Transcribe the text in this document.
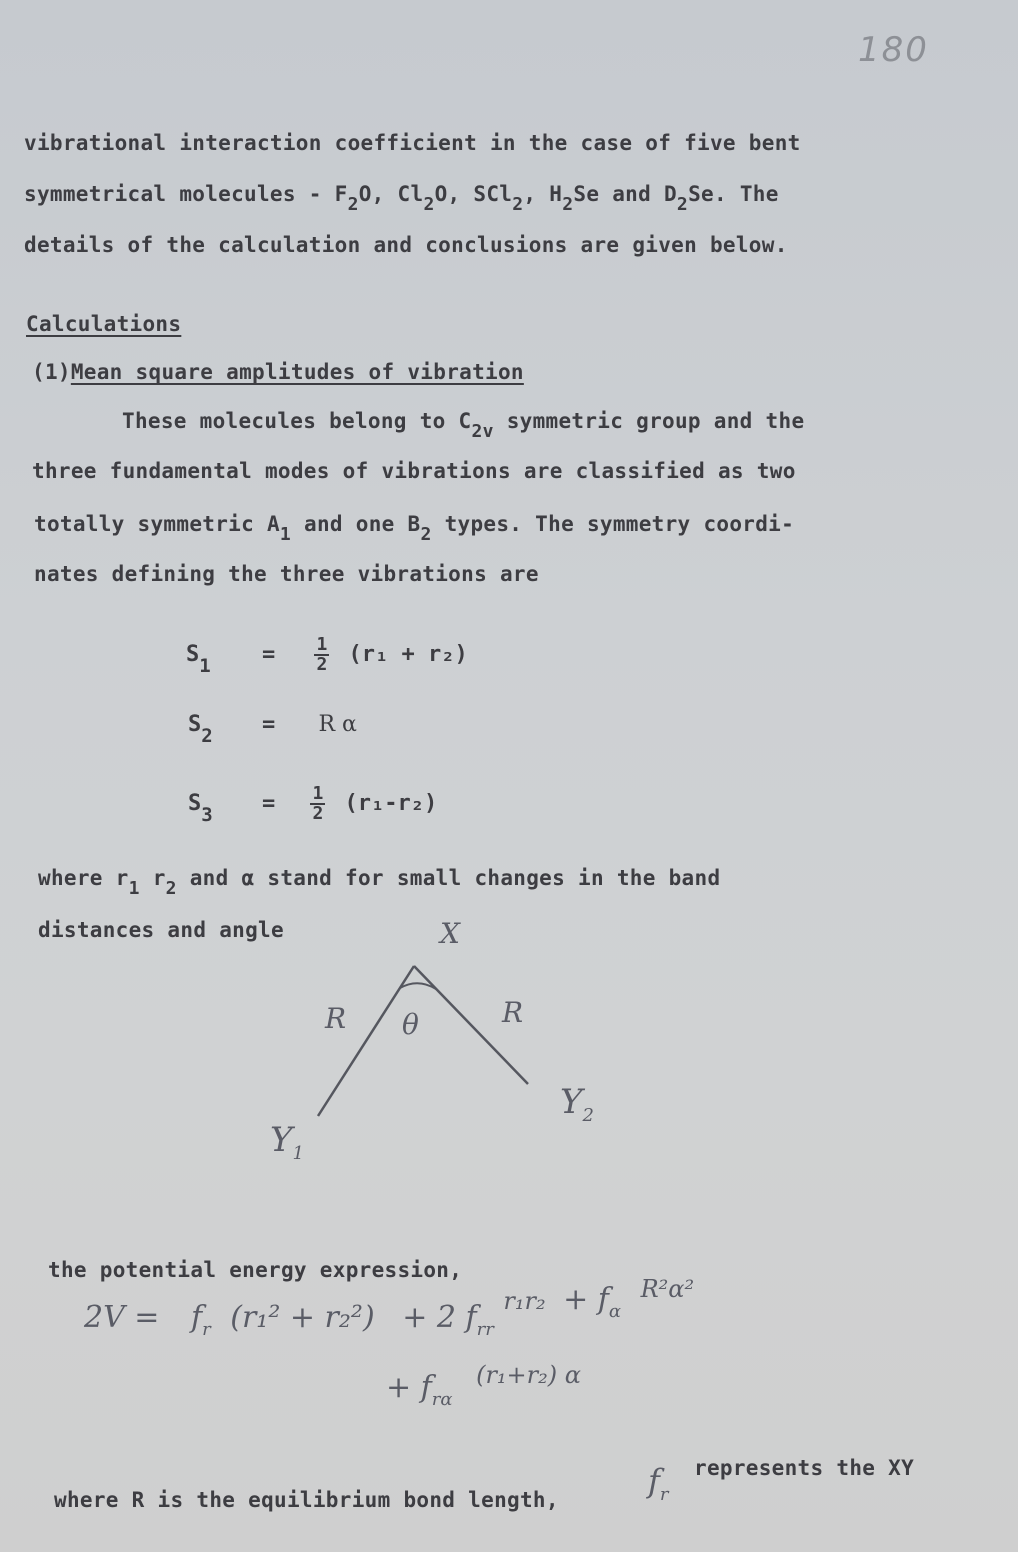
180
vibrational interaction coefficient in the case of five bent
symmetrical molecules - $F_2O$, $Cl_2O$, SCl$_2$, $H_2Se$ and $D_2Se$. The
details of the calculation and conclusions are given below.
Calculations
(1)Mean square amplitudes of vibration
These molecules belong to $C_{2v}$ symmetric group and the
three fundamental modes of vibrations are classified as two
totally symmetric $A_1$ and one $B_2$ types. The symmetry coordi-
nates defining the three vibrations are
$S_1 = \frac{1}{2} (r_1 + r_2)$
$S_2 = R$ α
$S_3 = \frac{1}{2} (r_1-r_2)$
where $r_1$ $r_2$ and α stand for small changes in the band
distances and angle	X
R θ	R
$Y_1$
$Y_2$
the potential energy expression,
$2V = f_r$ (r₁² + r₂²) + 2 $f_{rr}$ $^{r_1r_2} + f_\alpha$ $^{R^2\alpha^2}$
+ $f_{r\alpha}$ $^{(r_1+r_2) \alpha}$
where R is the equilibrium bond length,	$f_r$
represents the XY
